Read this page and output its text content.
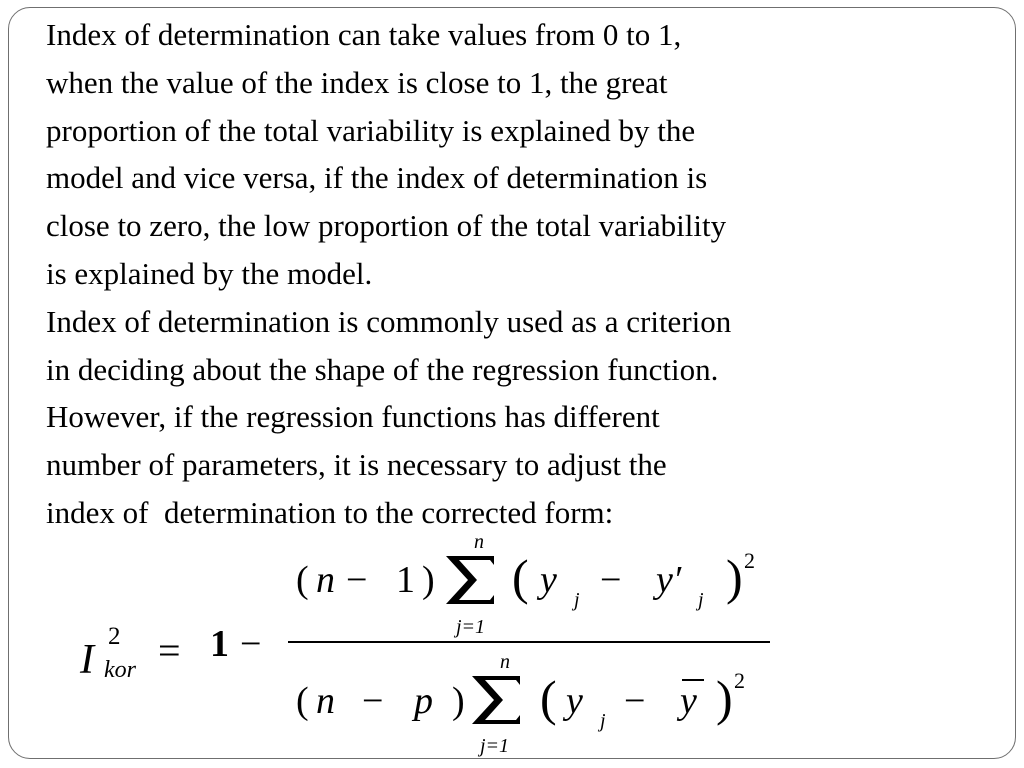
Index of determination can take values from 0 to 1,
when the value of the index is close to 1, the great
proportion of the total variability is explained by the
model and vice versa, if the index of determination is
close to zero, the low proportion of the total variability
is explained by the model.
Index of determination is commonly used as a criterion
in deciding about the shape of the regression function.
However, if the regression functions has different
number of parameters, it is necessary to adjust the
index of  determination to the corrected form:
I
2
kor = 1 −
( n − 1 )
n
j=1
( y j − y′ j ) 2
( n − p )
n
j=1
( y j − y ) 2
